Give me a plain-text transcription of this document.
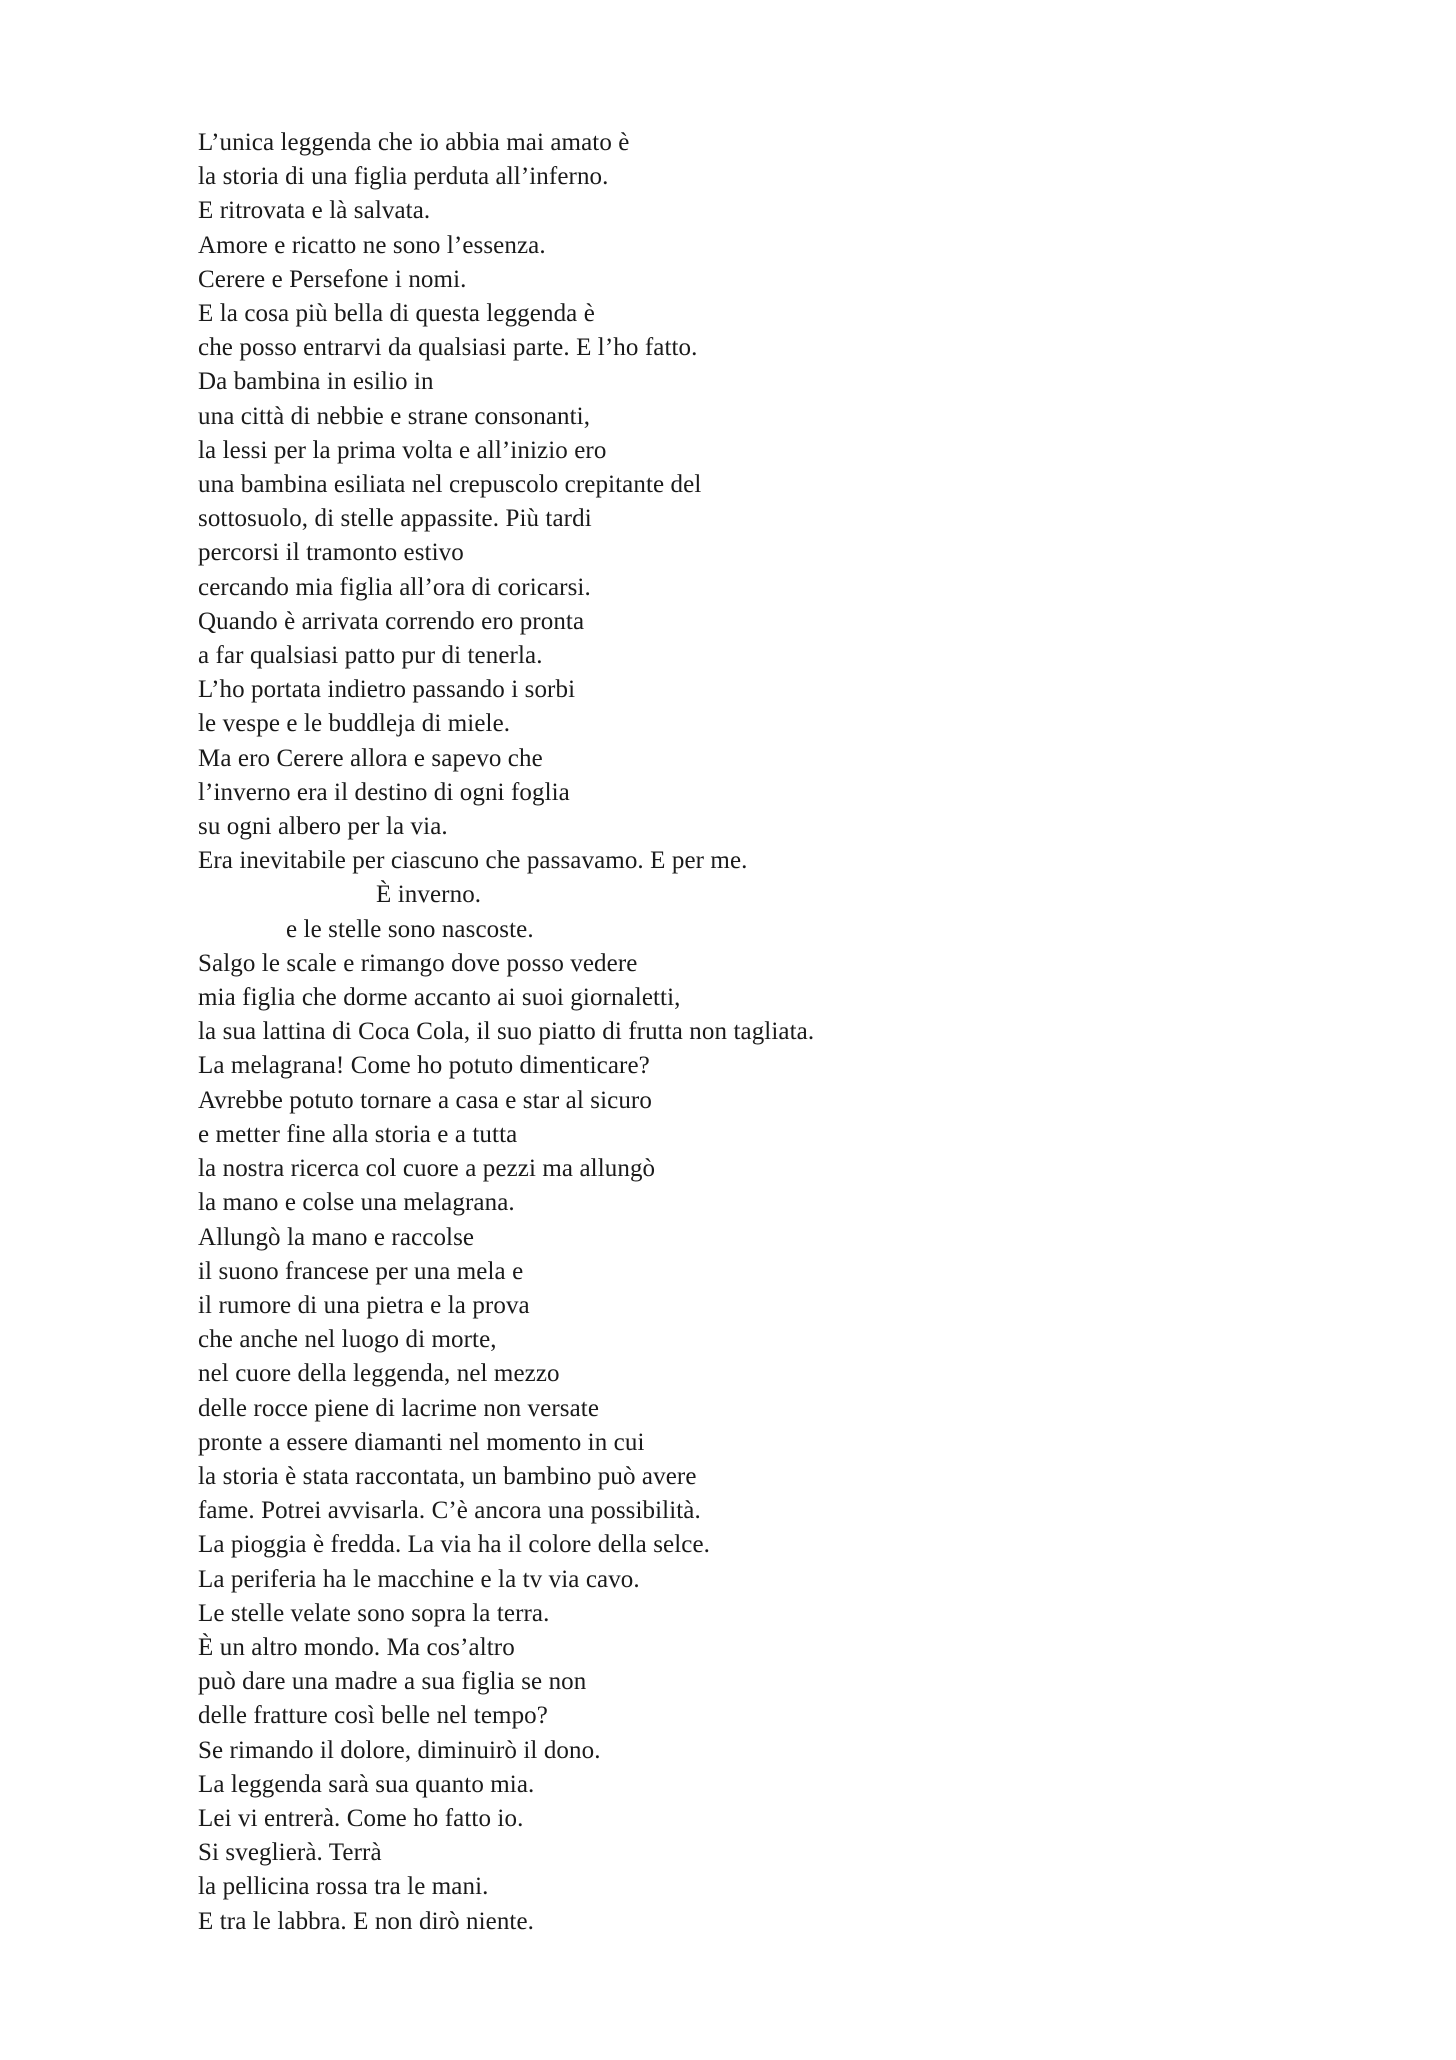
L’unica leggenda che io abbia mai amato è
la storia di una figlia perduta all’inferno.
E ritrovata e là salvata.
Amore e ricatto ne sono l’essenza.
Cerere e Persefone i nomi.
E la cosa più bella di questa leggenda è
che posso entrarvi da qualsiasi parte. E l’ho fatto.
Da bambina in esilio in
una città di nebbie e strane consonanti,
la lessi per la prima volta e all’inizio ero
una bambina esiliata nel crepuscolo crepitante del
sottosuolo, di stelle appassite. Più tardi
percorsi il tramonto estivo
cercando mia figlia all’ora di coricarsi.
Quando è arrivata correndo ero pronta
a far qualsiasi patto pur di tenerla.
L’ho portata indietro passando i sorbi
le vespe e le buddleja di miele.
Ma ero Cerere allora e sapevo che
l’inverno era il destino di ogni foglia
su ogni albero per la via.
Era inevitabile per ciascuno che passavamo. E per me.
È inverno.
e le stelle sono nascoste.
Salgo le scale e rimango dove posso vedere
mia figlia che dorme accanto ai suoi giornaletti,
la sua lattina di Coca Cola, il suo piatto di frutta non tagliata.
La melagrana! Come ho potuto dimenticare?
Avrebbe potuto tornare a casa e star al sicuro
e metter fine alla storia e a tutta
la nostra ricerca col cuore a pezzi ma allungò
la mano e colse una melagrana.
Allungò la mano e raccolse
il suono francese per una mela e
il rumore di una pietra e la prova
che anche nel luogo di morte,
nel cuore della leggenda, nel mezzo
delle rocce piene di lacrime non versate
pronte a essere diamanti nel momento in cui
la storia è stata raccontata, un bambino può avere
fame. Potrei avvisarla. C’è ancora una possibilità.
La pioggia è fredda. La via ha il colore della selce.
La periferia ha le macchine e la tv via cavo.
Le stelle velate sono sopra la terra.
È un altro mondo. Ma cos’altro
può dare una madre a sua figlia se non
delle fratture così belle nel tempo?
Se rimando il dolore, diminuirò il dono.
La leggenda sarà sua quanto mia.
Lei vi entrerà. Come ho fatto io.
Si sveglierà. Terrà
la pellicina rossa tra le mani.
E tra le labbra. E non dirò niente.
